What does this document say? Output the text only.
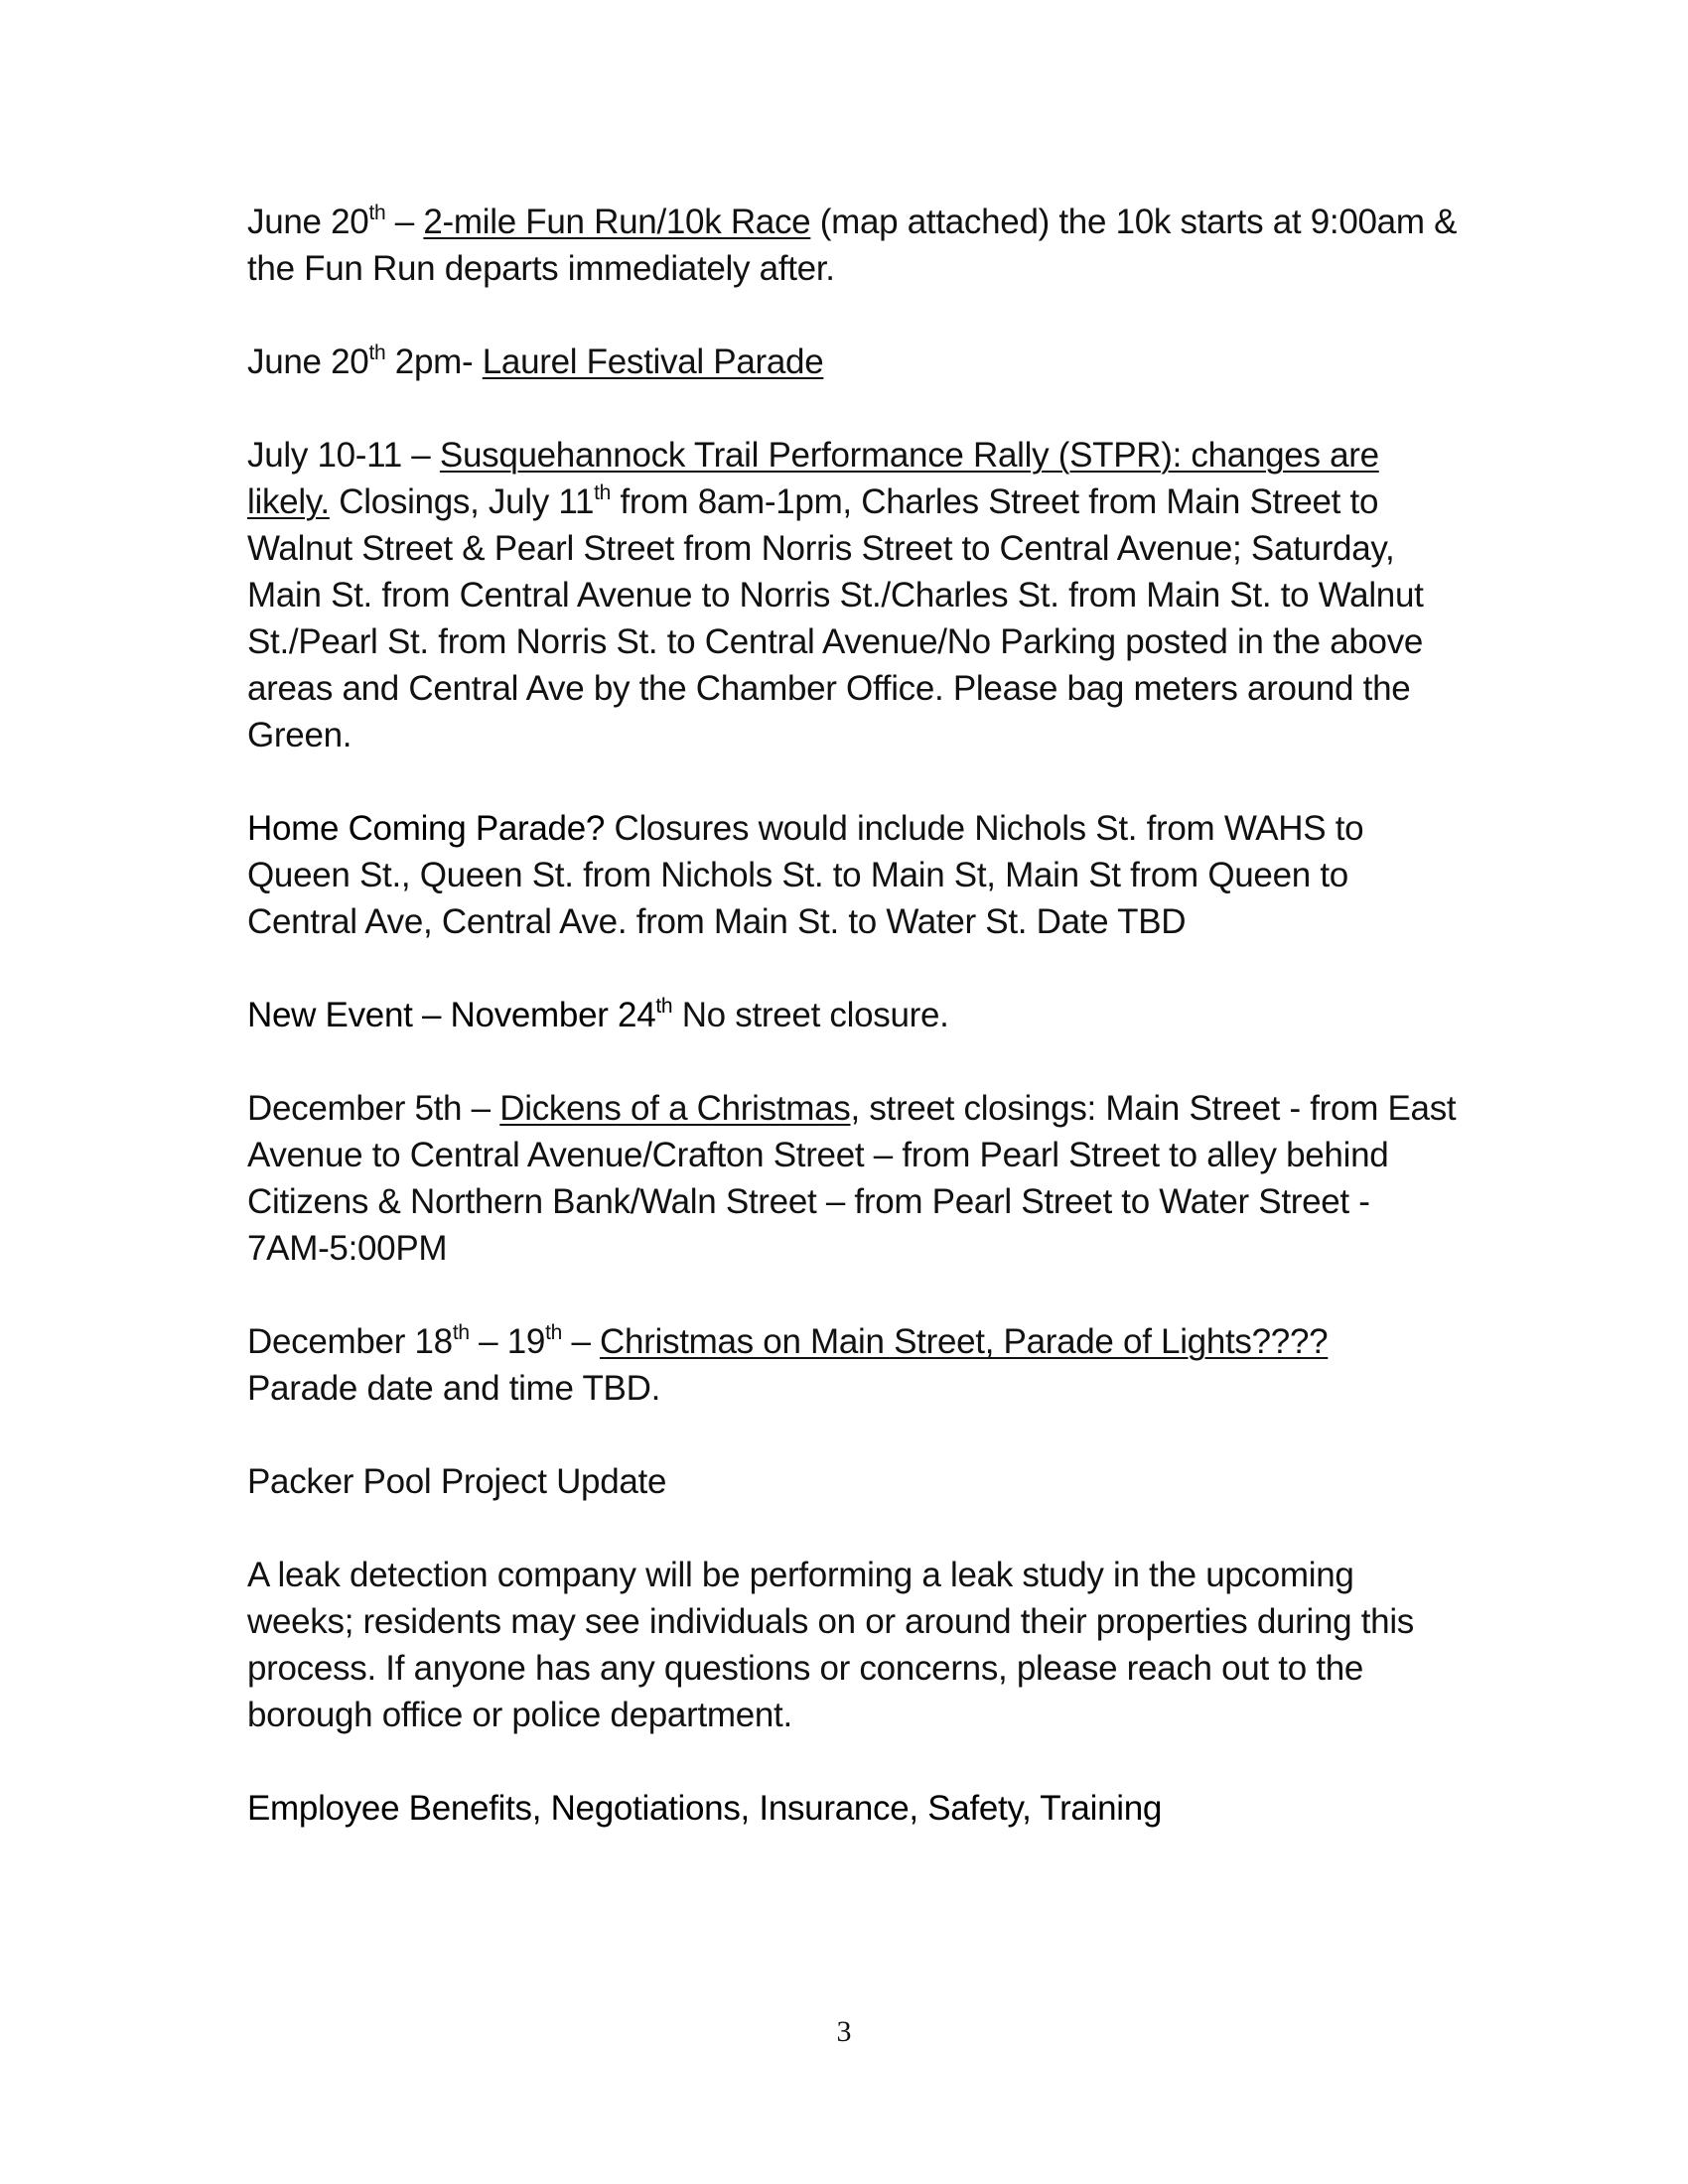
June 20th – 2-mile Fun Run/10k Race (map attached) the 10k starts at 9:00am & the Fun Run departs immediately after.

June 20th 2pm- Laurel Festival Parade

July 10-11 – Susquehannock Trail Performance Rally (STPR): changes are likely. Closings, July 11th from 8am-1pm, Charles Street from Main Street to Walnut Street & Pearl Street from Norris Street to Central Avenue; Saturday, Main St. from Central Avenue to Norris St./Charles St. from Main St. to Walnut St./Pearl St. from Norris St. to Central Avenue/No Parking posted in the above areas and Central Ave by the Chamber Office. Please bag meters around the Green.

Home Coming Parade? Closures would include Nichols St. from WAHS to Queen St., Queen St. from Nichols St. to Main St, Main St from Queen to Central Ave, Central Ave. from Main St. to Water St. Date TBD

New Event – November 24th No street closure.

December 5th – Dickens of a Christmas, street closings: Main Street - from East Avenue to Central Avenue/Crafton Street – from Pearl Street to alley behind Citizens & Northern Bank/Waln Street – from Pearl Street to Water Street - 7AM-5:00PM

December 18th – 19th – Christmas on Main Street, Parade of Lights????
Parade date and time TBD.

Packer Pool Project Update

A leak detection company will be performing a leak study in the upcoming weeks; residents may see individuals on or around their properties during this process. If anyone has any questions or concerns, please reach out to the borough office or police department.

Employee Benefits, Negotiations, Insurance, Safety, Training

3
